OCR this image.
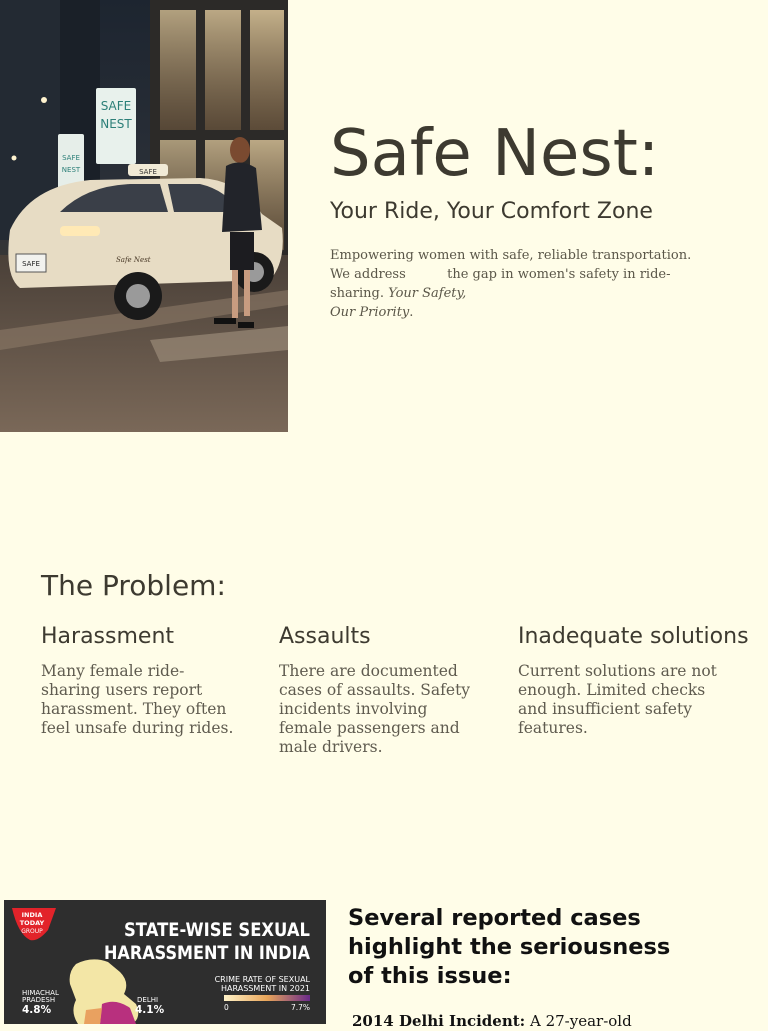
SAFE
NEST
SAFE
NEST	SAFE
SAFE	Safe Nest
Safe Nest:
Your Ride, Your Comfort Zone

Empowering women with safe, reliable transportation.
We address          the gap in women's safety in ride-
sharing. Your Safety,
Our Priority.

The Problem:
Harassment

Many female ride-
sharing users report
harassment. They often
feel unsafe during rides.

Assaults

There are documented
cases of assaults. Safety
incidents involving
female passengers and
male drivers.

Inadequate solutions

Current solutions are not
enough. Limited checks
and insufficient safety
features.

INDIA
TODAY
GROUP	STATE-WISE SEXUAL
HARASSMENT IN INDIA
CRIME RATE OF SEXUAL
HARASSMENT IN 2021
0	7.7%
HIMACHAL
PRADESH
4.8%
DELHI
4.1%
Several reported cases
highlight the seriousness
of this issue:

2014 Delhi Incident: A 27-year-old
